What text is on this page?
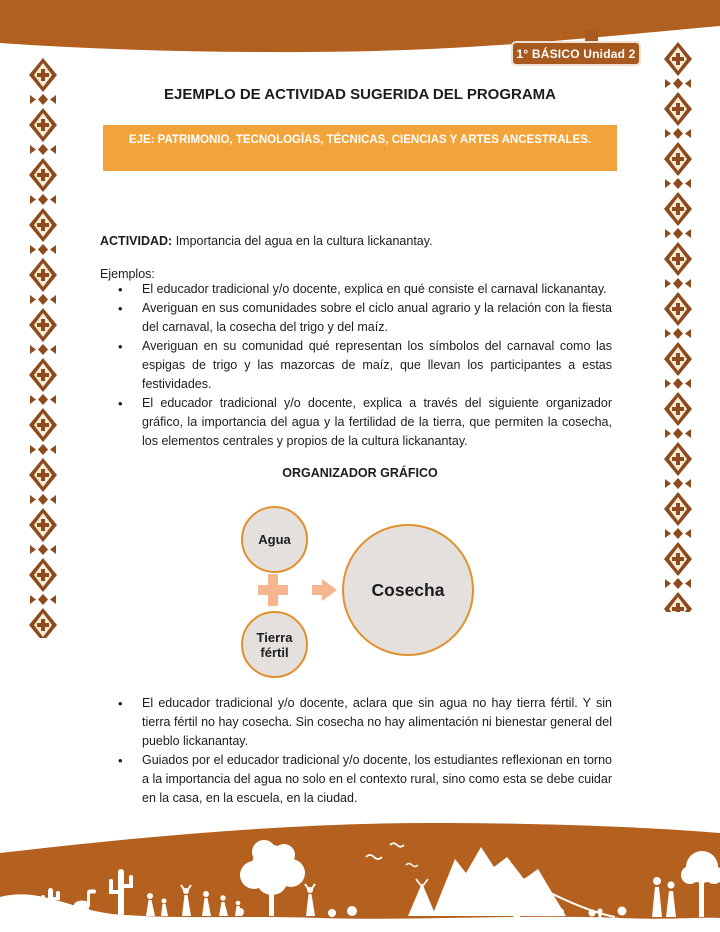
1° BÁSICO Unidad 2
EJEMPLO DE ACTIVIDAD SUGERIDA DEL PROGRAMA
EJE: PATRIMONIO, TECNOLOGÍAS, TÉCNICAS, CIENCIAS Y ARTES ANCESTRALES.
ACTIVIDAD: Importancia del agua en la cultura lickanantay.
Ejemplos:
• El educador tradicional y/o docente, explica en qué consiste el carnaval lickanantay.
• Averiguan en sus comunidades sobre el ciclo anual agrario y la relación con la fiesta del carnaval, la cosecha del trigo y del maíz.
• Averiguan en su comunidad qué representan los símbolos del carnaval como las espigas de trigo y las mazorcas de maíz, que llevan los participantes a estas festividades.
• El educador tradicional y/o docente, explica a través del siguiente organizador gráfico, la importancia del agua y la fertilidad de la tierra, que permiten la cosecha, los elementos centrales y propios de la cultura lickanantay.
ORGANIZADOR GRÁFICO
Agua
Tierra fértil
Cosecha
• El educador tradicional y/o docente, aclara que sin agua no hay tierra fértil. Y sin tierra fértil no hay cosecha. Sin cosecha no hay alimentación ni bienestar general del pueblo lickanantay.
• Guiados por el educador tradicional y/o docente, los estudiantes reflexionan en torno a la importancia del agua no solo en el contexto rural, sino como esta se debe cuidar en la casa, en la escuela, en la ciudad.
